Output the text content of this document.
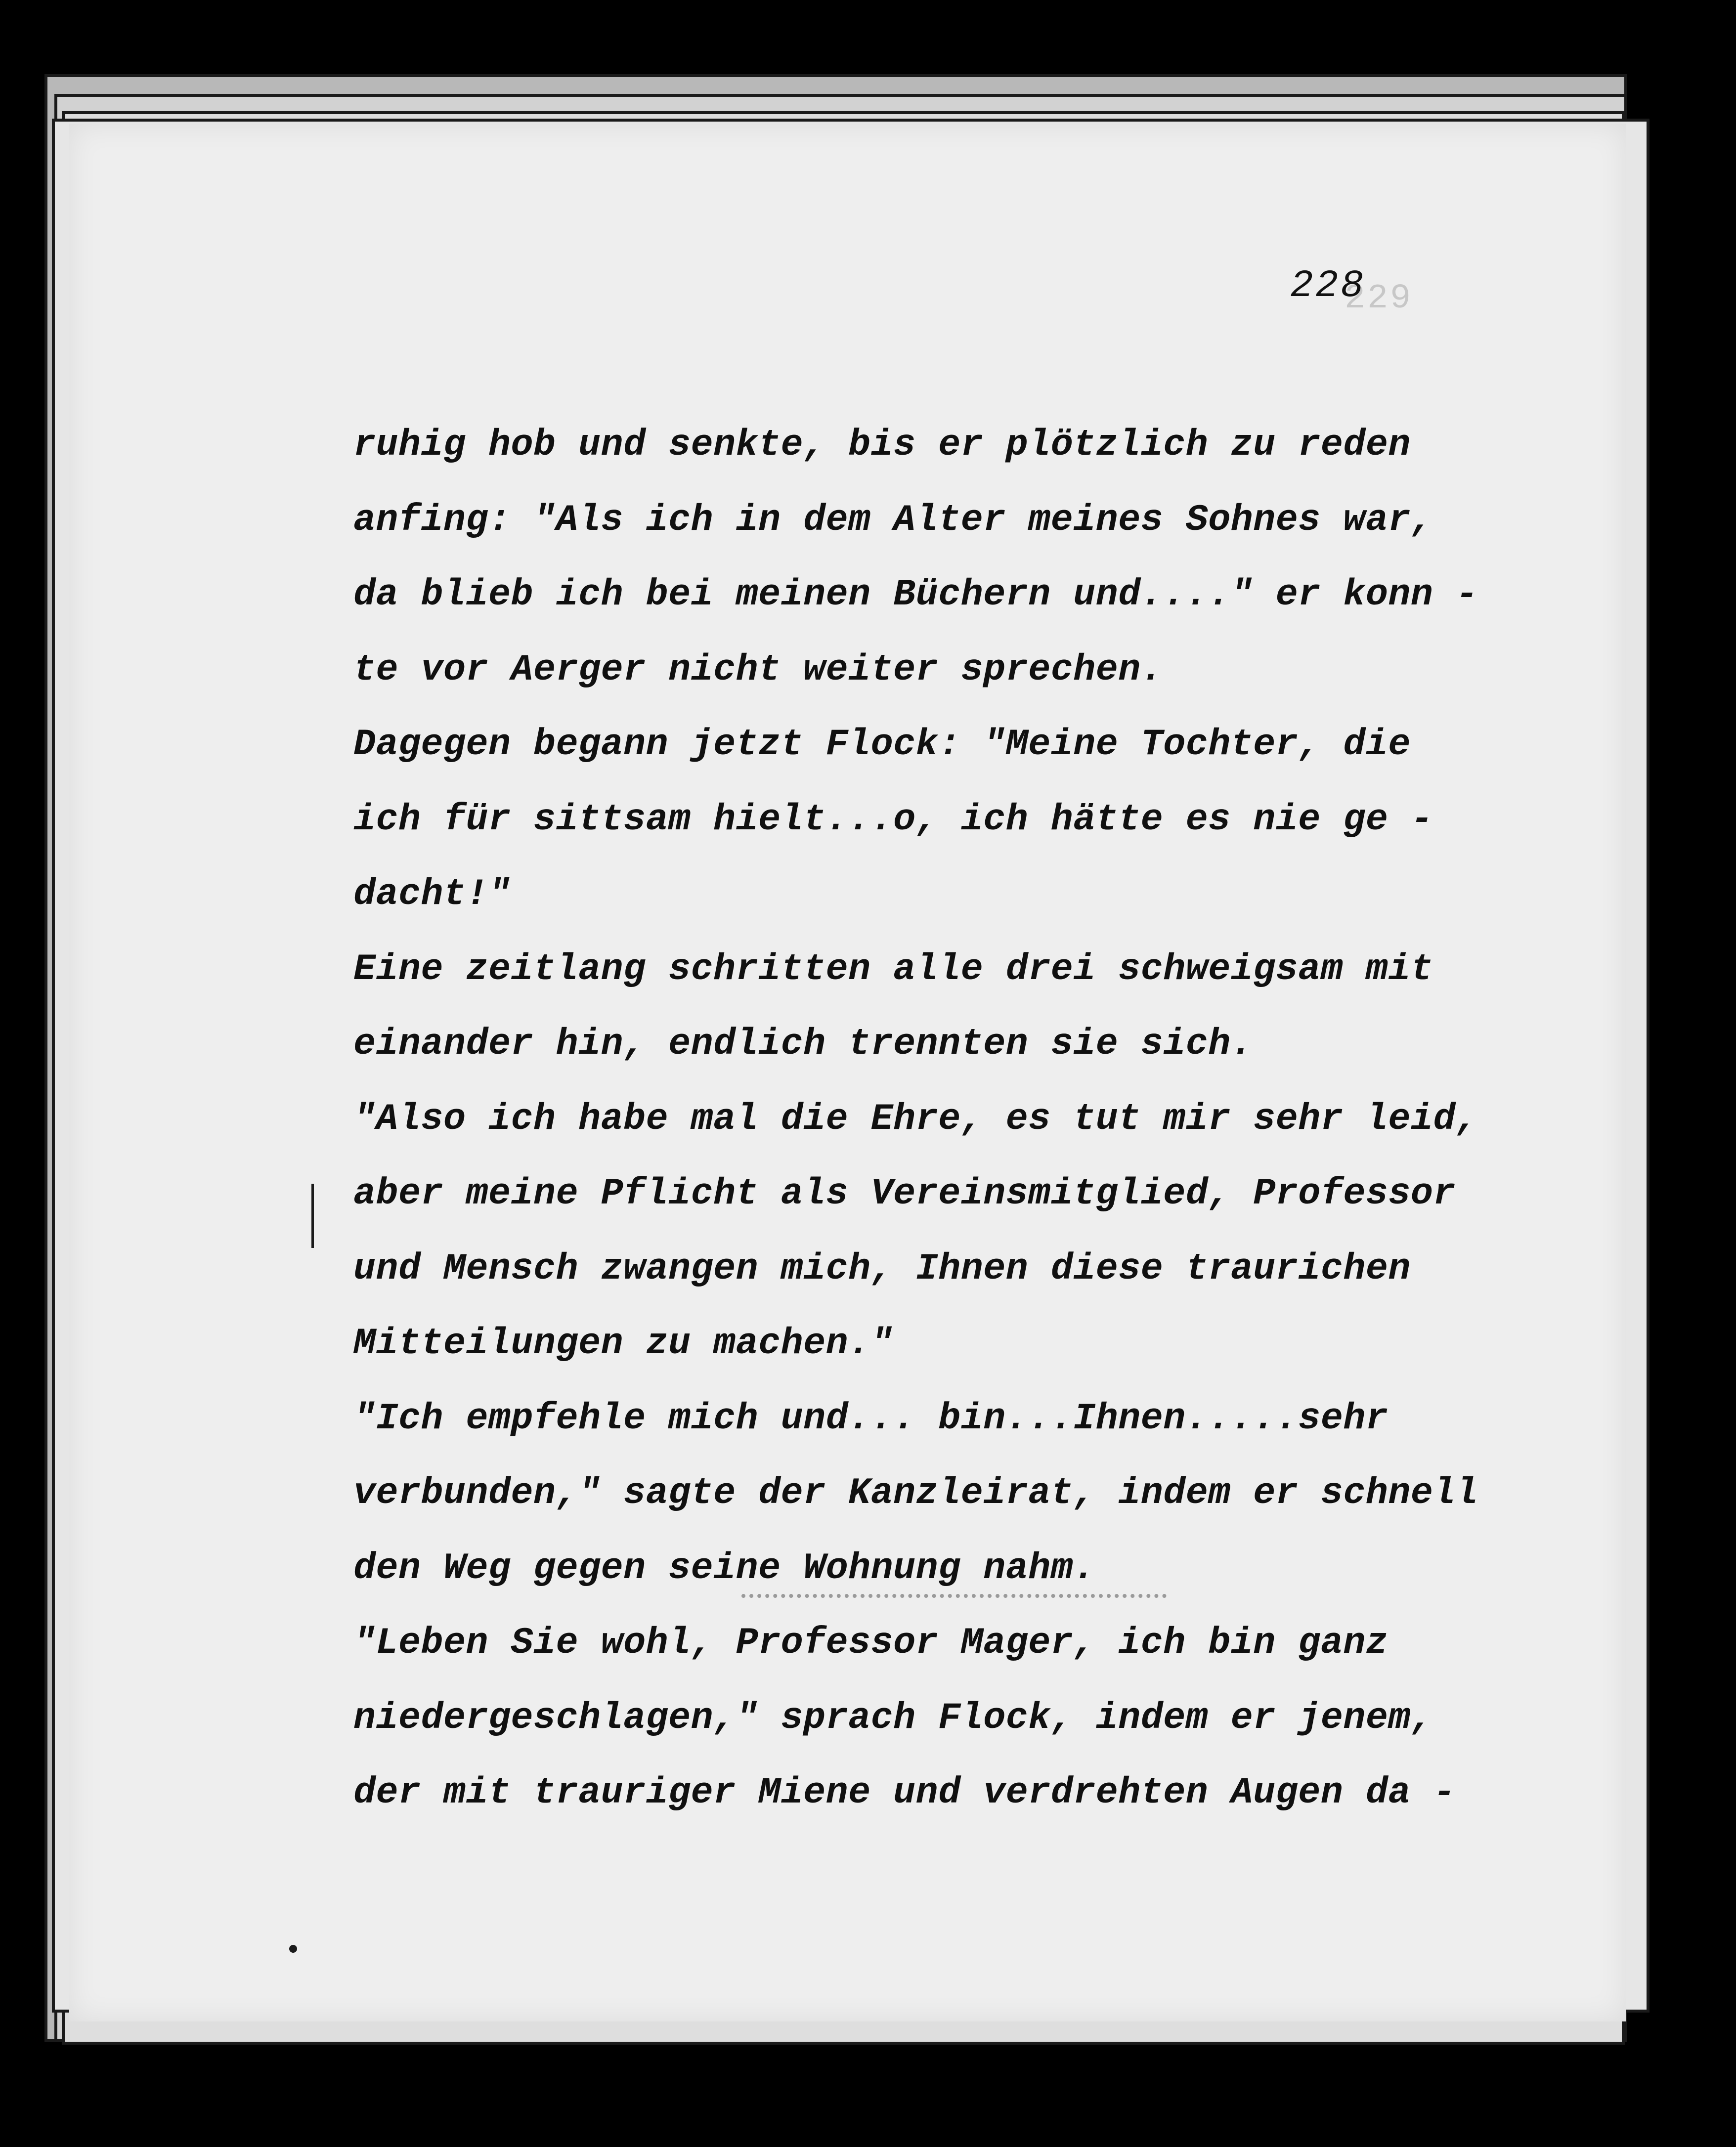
229
228
ruhig hob und senkte, bis er plötzlich zu reden
anfing: "Als ich in dem Alter meines Sohnes war,
da blieb ich bei meinen Büchern und...." er konn -
te vor Aerger nicht weiter sprechen.
Dagegen begann jetzt Flock: "Meine Tochter, die
ich für sittsam hielt...o, ich hätte es nie ge -
dacht!"
Eine zeitlang schritten alle drei schweigsam mit
einander hin, endlich trennten sie sich.
"Also ich habe mal die Ehre, es tut mir sehr leid,
aber meine Pflicht als Vereinsmitglied, Professor
und Mensch zwangen mich, Ihnen diese traurichen
Mitteilungen zu machen."
"Ich empfehle mich und... bin...Ihnen.....sehr
verbunden," sagte der Kanzleirat, indem er schnell
den Weg gegen seine Wohnung nahm.
"Leben Sie wohl, Professor Mager, ich bin ganz
niedergeschlagen," sprach Flock, indem er jenem,
der mit trauriger Miene und verdrehten Augen da -
